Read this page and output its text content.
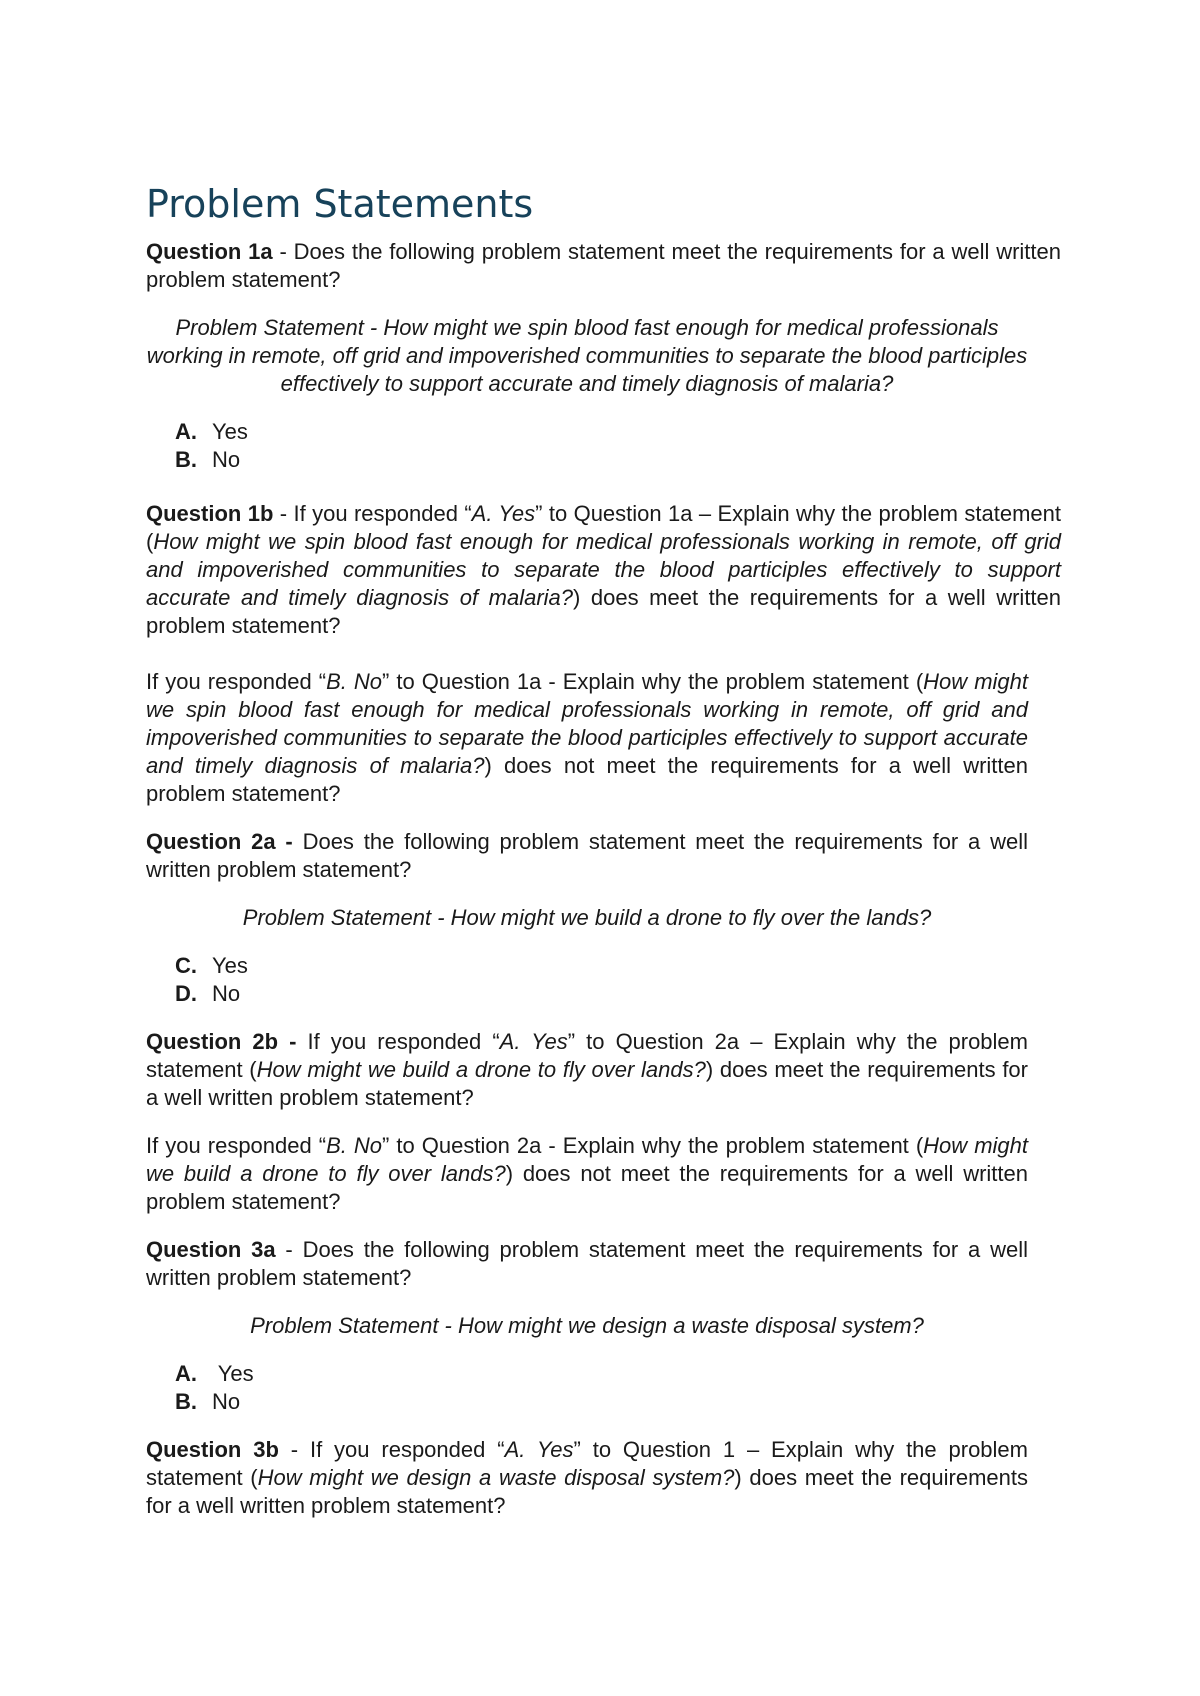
Problem Statements

Question 1a - Does the following problem statement meet the requirements for a well written problem statement?

Problem Statement - How might we spin blood fast enough for medical professionals working in remote, off grid and impoverished communities to separate the blood participles effectively to support accurate and timely diagnosis of malaria?

A. Yes
B. No

Question 1b - If you responded “A. Yes” to Question 1a – Explain why the problem statement (How might we spin blood fast enough for medical professionals working in remote, off grid and impoverished communities to separate the blood participles effectively to support accurate and timely diagnosis of malaria?) does meet the requirements for a well written problem statement?

If you responded “B. No” to Question 1a - Explain why the problem statement (How might we spin blood fast enough for medical professionals working in remote, off grid and impoverished communities to separate the blood participles effectively to support accurate and timely diagnosis of malaria?) does not meet the requirements for a well written problem statement?

Question 2a - Does the following problem statement meet the requirements for a well written problem statement?

Problem Statement - How might we build a drone to fly over the lands?

C. Yes
D. No

Question 2b - If you responded “A. Yes” to Question 2a – Explain why the problem statement (How might we build a drone to fly over lands?) does meet the requirements for a well written problem statement?

If you responded “B. No” to Question 2a - Explain why the problem statement (How might we build a drone to fly over lands?) does not meet the requirements for a well written problem statement?

Question 3a - Does the following problem statement meet the requirements for a well written problem statement?

Problem Statement - How might we design a waste disposal system?

A. Yes
B. No

Question 3b - If you responded “A. Yes” to Question 1 – Explain why the problem statement (How might we design a waste disposal system?) does meet the requirements for a well written problem statement?
